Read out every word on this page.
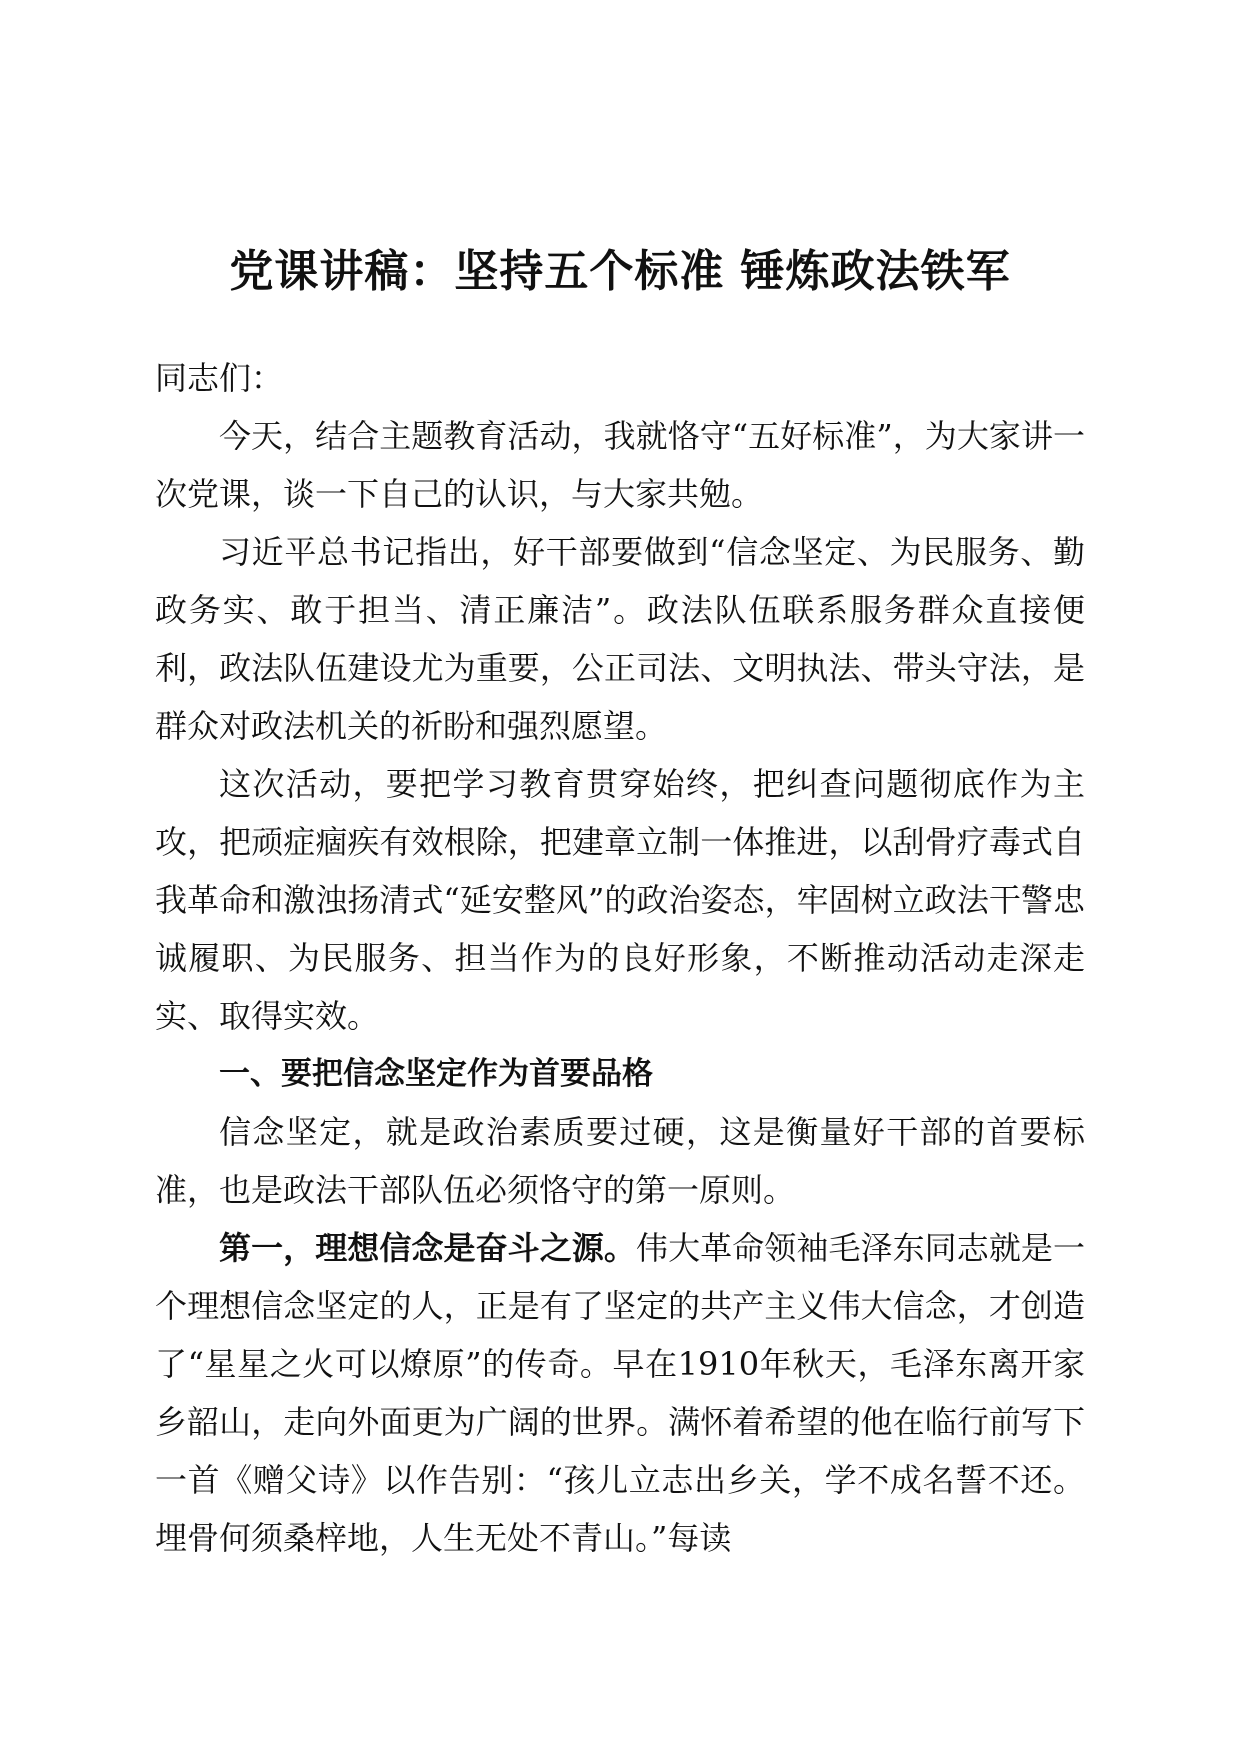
党课讲稿：坚持五个标准 锤炼政法铁军

同志们：

今天，结合主题教育活动，我就恪守“五好标准”，为大家讲一次党课，谈一下自己的认识，与大家共勉。

习近平总书记指出，好干部要做到“信念坚定、为民服务、勤政务实、敢于担当、清正廉洁”。政法队伍联系服务群众直接便利，政法队伍建设尤为重要，公正司法、文明执法、带头守法，是群众对政法机关的祈盼和强烈愿望。

这次活动，要把学习教育贯穿始终，把纠查问题彻底作为主攻，把顽症痼疾有效根除，把建章立制一体推进，以刮骨疗毒式自我革命和激浊扬清式“延安整风”的政治姿态，牢固树立政法干警忠诚履职、为民服务、担当作为的良好形象，不断推动活动走深走实、取得实效。

一、要把信念坚定作为首要品格

信念坚定，就是政治素质要过硬，这是衡量好干部的首要标准，也是政法干部队伍必须恪守的第一原则。

第一，理想信念是奋斗之源。伟大革命领袖毛泽东同志就是一个理想信念坚定的人，正是有了坚定的共产主义伟大信念，才创造了“星星之火可以燎原”的传奇。早在1910年秋天，毛泽东离开家乡韶山，走向外面更为广阔的世界。满怀着希望的他在临行前写下一首《赠父诗》以作告别：“孩儿立志出乡关，学不成名誓不还。埋骨何须桑梓地，人生无处不青山。”每读
